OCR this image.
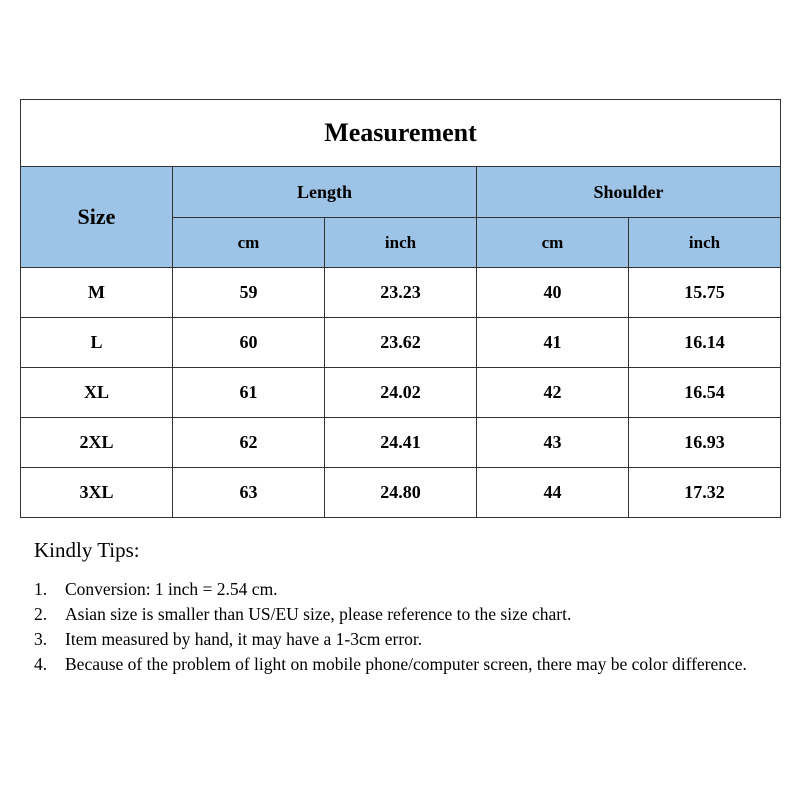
Measurement				
Size	Length		Shoulder	
	cm	inch	cm	inch
M	59	23.23	40	15.75
L	60	23.62	41	16.14
XL	61	24.02	42	16.54
2XL	62	24.41	43	16.93
3XL	63	24.80	44	17.32
Kindly Tips:
1. Conversion: 1 inch = 2.54 cm.
2. Asian size is smaller than US/EU size, please reference to the size chart.
3. Item measured by hand, it may have a 1-3cm error.
4. Because of the problem of light on mobile phone/computer screen, there may be color difference.
